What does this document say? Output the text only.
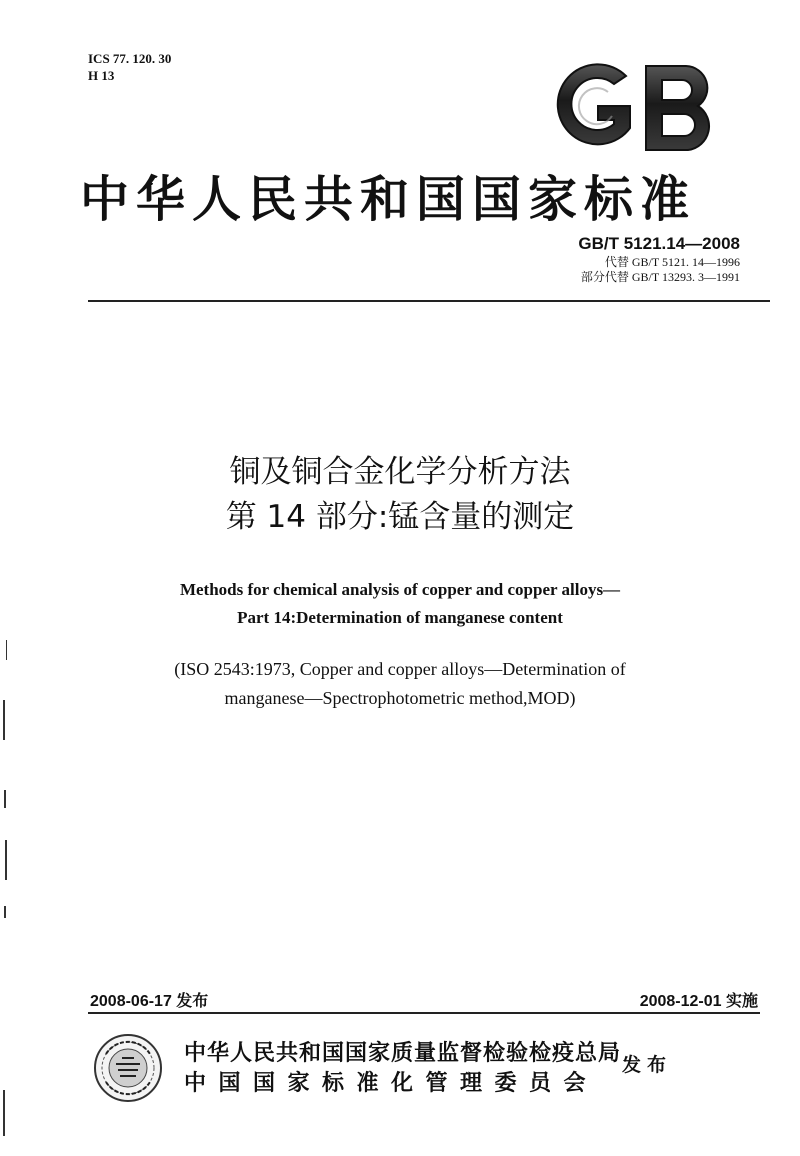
ICS 77. 120. 30
H 13
中华人民共和国国家标准
GB/T 5121.14—2008
代替 GB/T 5121. 14—1996
部分代替 GB/T 13293. 3—1991
铜及铜合金化学分析方法
第 14 部分:锰含量的测定
Methods for chemical analysis of copper and copper alloys—
Part 14:Determination of manganese content
(ISO 2543:1973, Copper and copper alloys—Determination of
manganese—Spectrophotometric method,MOD)
2008-06-17 发布	2008-12-01 实施
中华人民共和国国家质量监督检验检疫总局
中国国家标准化管理委员会
发布
